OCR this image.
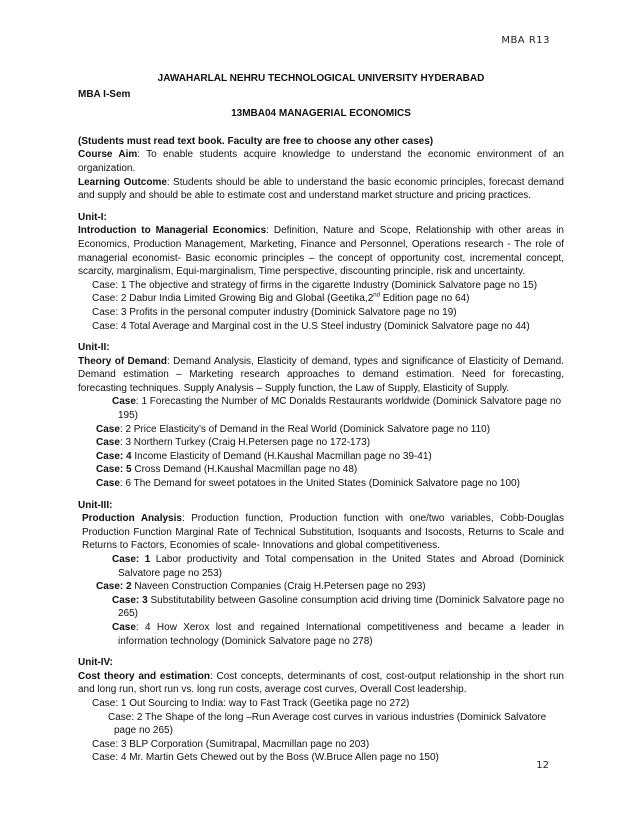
MBA R13
JAWAHARLAL NEHRU TECHNOLOGICAL UNIVERSITY HYDERABAD
MBA I-Sem
13MBA04 MANAGERIAL ECONOMICS
(Students must read text book. Faculty are free to choose any other cases)

Course Aim: To enable students acquire knowledge to understand the economic environment of an organization.

Learning Outcome: Students should be able to understand the basic economic principles, forecast demand and supply and should be able to estimate cost and understand market structure and pricing practices.

Unit-I:

Introduction to Managerial Economics: Definition, Nature and Scope, Relationship with other areas in Economics, Production Management, Marketing, Finance and Personnel, Operations research - The role of managerial economist- Basic economic principles – the concept of opportunity cost, incremental concept, scarcity, marginalism, Equi-marginalism, Time perspective, discounting principle, risk and uncertainty.

Case: 1 The objective and strategy of firms in the cigarette Industry (Dominick Salvatore page no 15)

Case: 2 Dabur India Limited Growing Big and Global (Geetika,2nd Edition page no 64)

Case: 3 Profits in the personal computer industry (Dominick Salvatore page no 19)

Case: 4 Total Average and Marginal cost in the U.S Steel industry (Dominick Salvatore page no 44)

Unit-II:

Theory of Demand: Demand Analysis, Elasticity of demand, types and significance of Elasticity of Demand. Demand estimation – Marketing research approaches to demand estimation. Need for forecasting, forecasting techniques. Supply Analysis – Supply function, the Law of Supply, Elasticity of Supply.

Case: 1 Forecasting the Number of MC Donalds Restaurants worldwide (Dominick Salvatore page no 195)

Case: 2 Price Elasticity’s of Demand in the Real World (Dominick Salvatore page no 110)

Case: 3 Northern Turkey (Craig H.Petersen page no 172-173)

Case: 4 Income Elasticity of Demand (H.Kaushal Macmillan page no 39-41)

Case: 5 Cross Demand (H.Kaushal Macmillan page no 48)

Case: 6 The Demand for sweet potatoes in the United States (Dominick Salvatore page no 100)

Unit-III:

Production Analysis: Production function, Production function with one/two variables, Cobb-Douglas Production Function Marginal Rate of Technical Substitution, Isoquants and Isocosts, Returns to Scale and Returns to Factors, Economies of scale- Innovations and global competitiveness.

Case: 1 Labor productivity and Total compensation in the United States and Abroad (Dominick Salvatore page no 253)

Case: 2 Naveen Construction Companies (Craig H.Petersen page no 293)

Case: 3 Substitutability between Gasoline consumption acid driving time (Dominick Salvatore page no 265)

Case: 4 How Xerox lost and regained International competitiveness and became a leader in information technology (Dominick Salvatore page no 278)

Unit-IV:

Cost theory and estimation: Cost concepts, determinants of cost, cost-output relationship in the short run and long run, short run vs. long run costs, average cost curves, Overall Cost leadership.

Case: 1 Out Sourcing to India: way to Fast Track (Geetika page no 272)

Case: 2 The Shape of the long –Run Average cost curves in various industries (Dominick Salvatore page no 265)

Case: 3 BLP Corporation (Sumitrapal, Macmillan page no 203)

Case: 4 Mr. Martin Gets Chewed out by the Boss (W.Bruce Allen page no 150)

12
